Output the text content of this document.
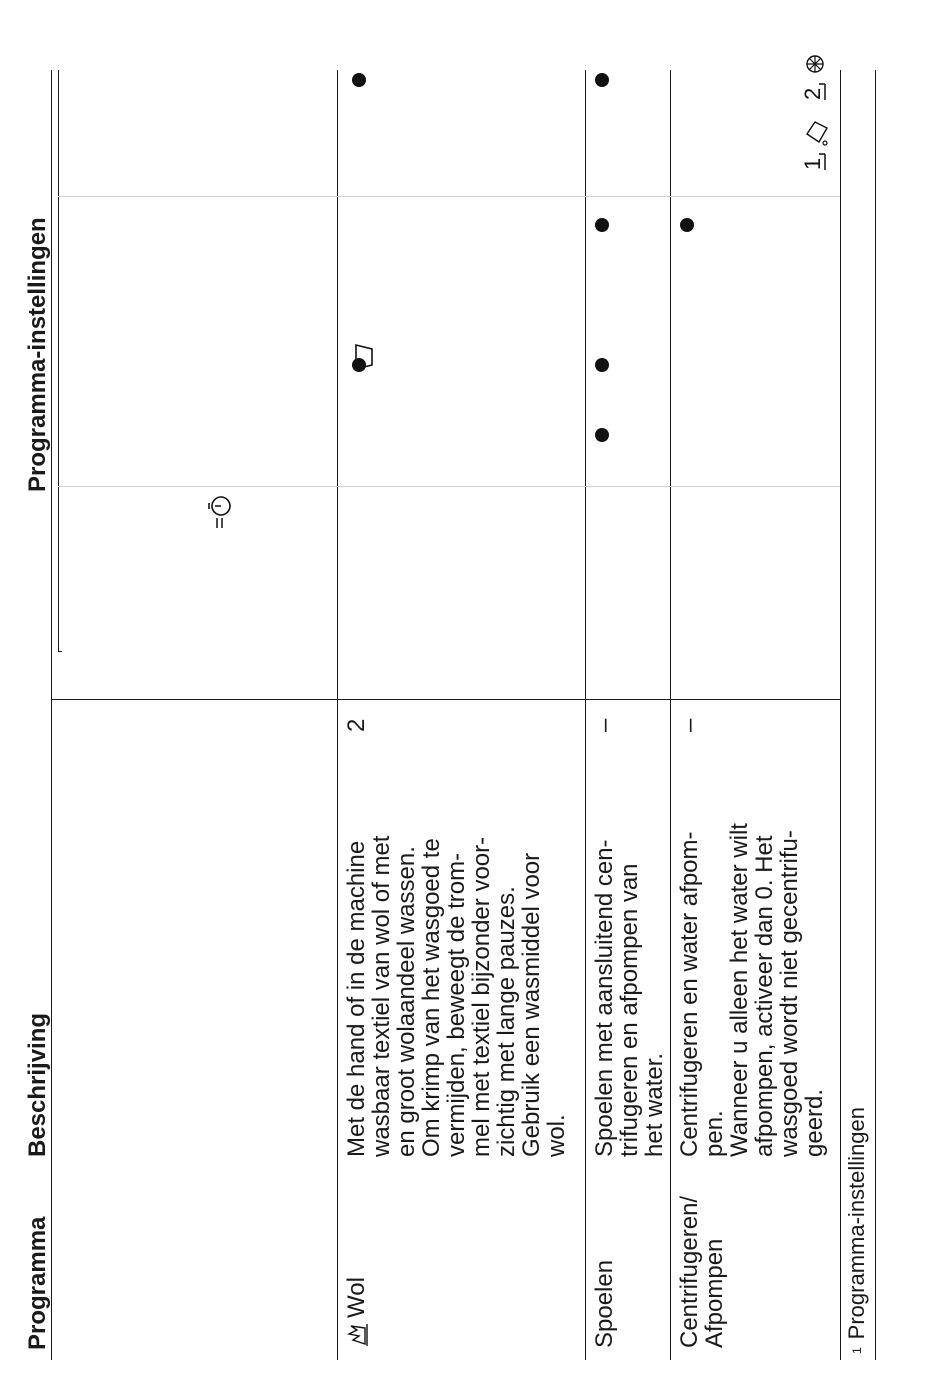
Programma
Beschrijving
Programma-instellingen
1
2
Wol
Met de hand of in de machine
wasbaar textiel van wol of met
en groot wolaandeel wassen.
Om krimp van het wasgoed te
vermijden, beweegt de trom-
mel met textiel bijzonder voor-
zichtig met lange pauzes.
Gebruik een wasmiddel voor
wol.
2
Spoelen
Spoelen met aansluitend cen-
trifugeren en afpompen van
het water.
–
Centrifugeren/
Afpompen
Centrifugeren en water afpom-
pen.
Wanneer u alleen het water wilt
afpompen, activeer dan 0. Het
wasgoed wordt niet gecentrifu-
geerd.
–
$^1$Programma-instellingen
